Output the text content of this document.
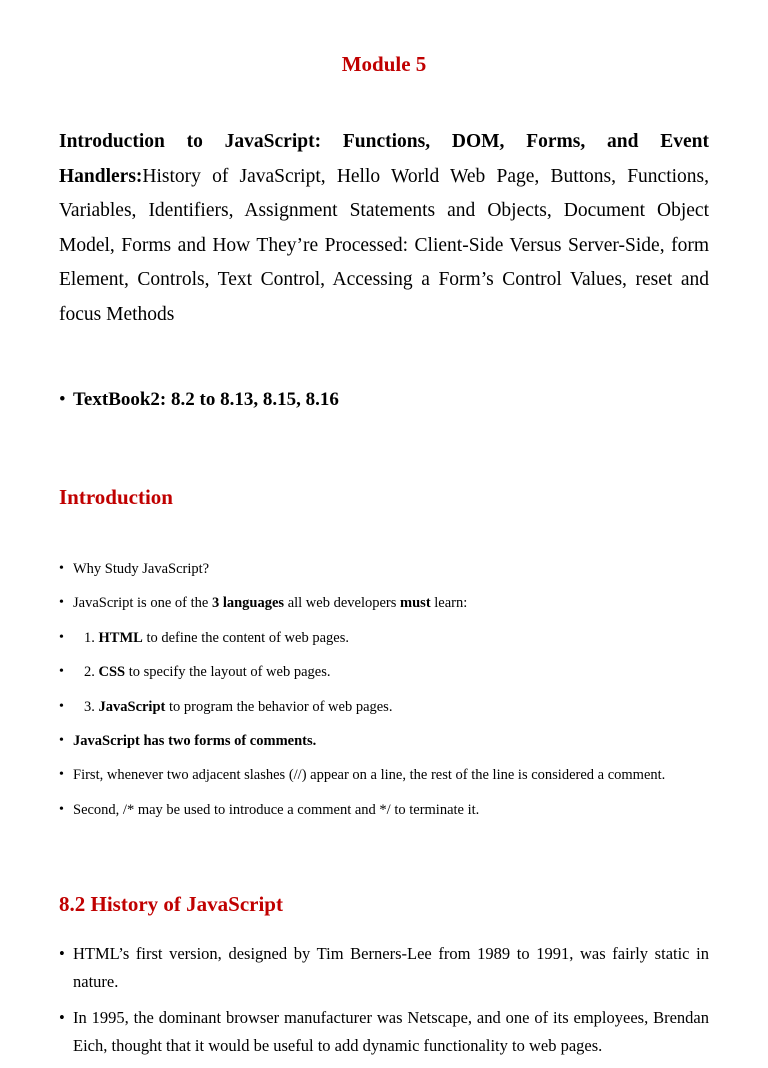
Module 5

Introduction to JavaScript: Functions, DOM, Forms, and Event Handlers:History of JavaScript, Hello World Web Page, Buttons, Functions, Variables, Identifiers, Assignment Statements and Objects, Document Object Model, Forms and How They’re Processed: Client-Side Versus Server-Side, form Element, Controls, Text Control, Accessing a Form’s Control Values, reset and focus Methods

• TextBook2: 8.2 to 8.13, 8.15, 8.16
Introduction
• Why Study JavaScript?
• JavaScript is one of the 3 languages all web developers must learn:
• 1. HTML to define the content of web pages.
• 2. CSS to specify the layout of web pages.
• 3. JavaScript to program the behavior of web pages.
• JavaScript has two forms of comments.
• First, whenever two adjacent slashes (//) appear on a line, the rest of the line is considered a comment.
• Second, /* may be used to introduce a comment and */ to terminate it.
8.2 History of JavaScript
• HTML’s first version, designed by Tim Berners-Lee from 1989 to 1991, was fairly static in nature.
• In 1995, the dominant browser manufacturer was Netscape, and one of its employees, Brendan Eich, thought that it would be useful to add dynamic functionality to web pages.
